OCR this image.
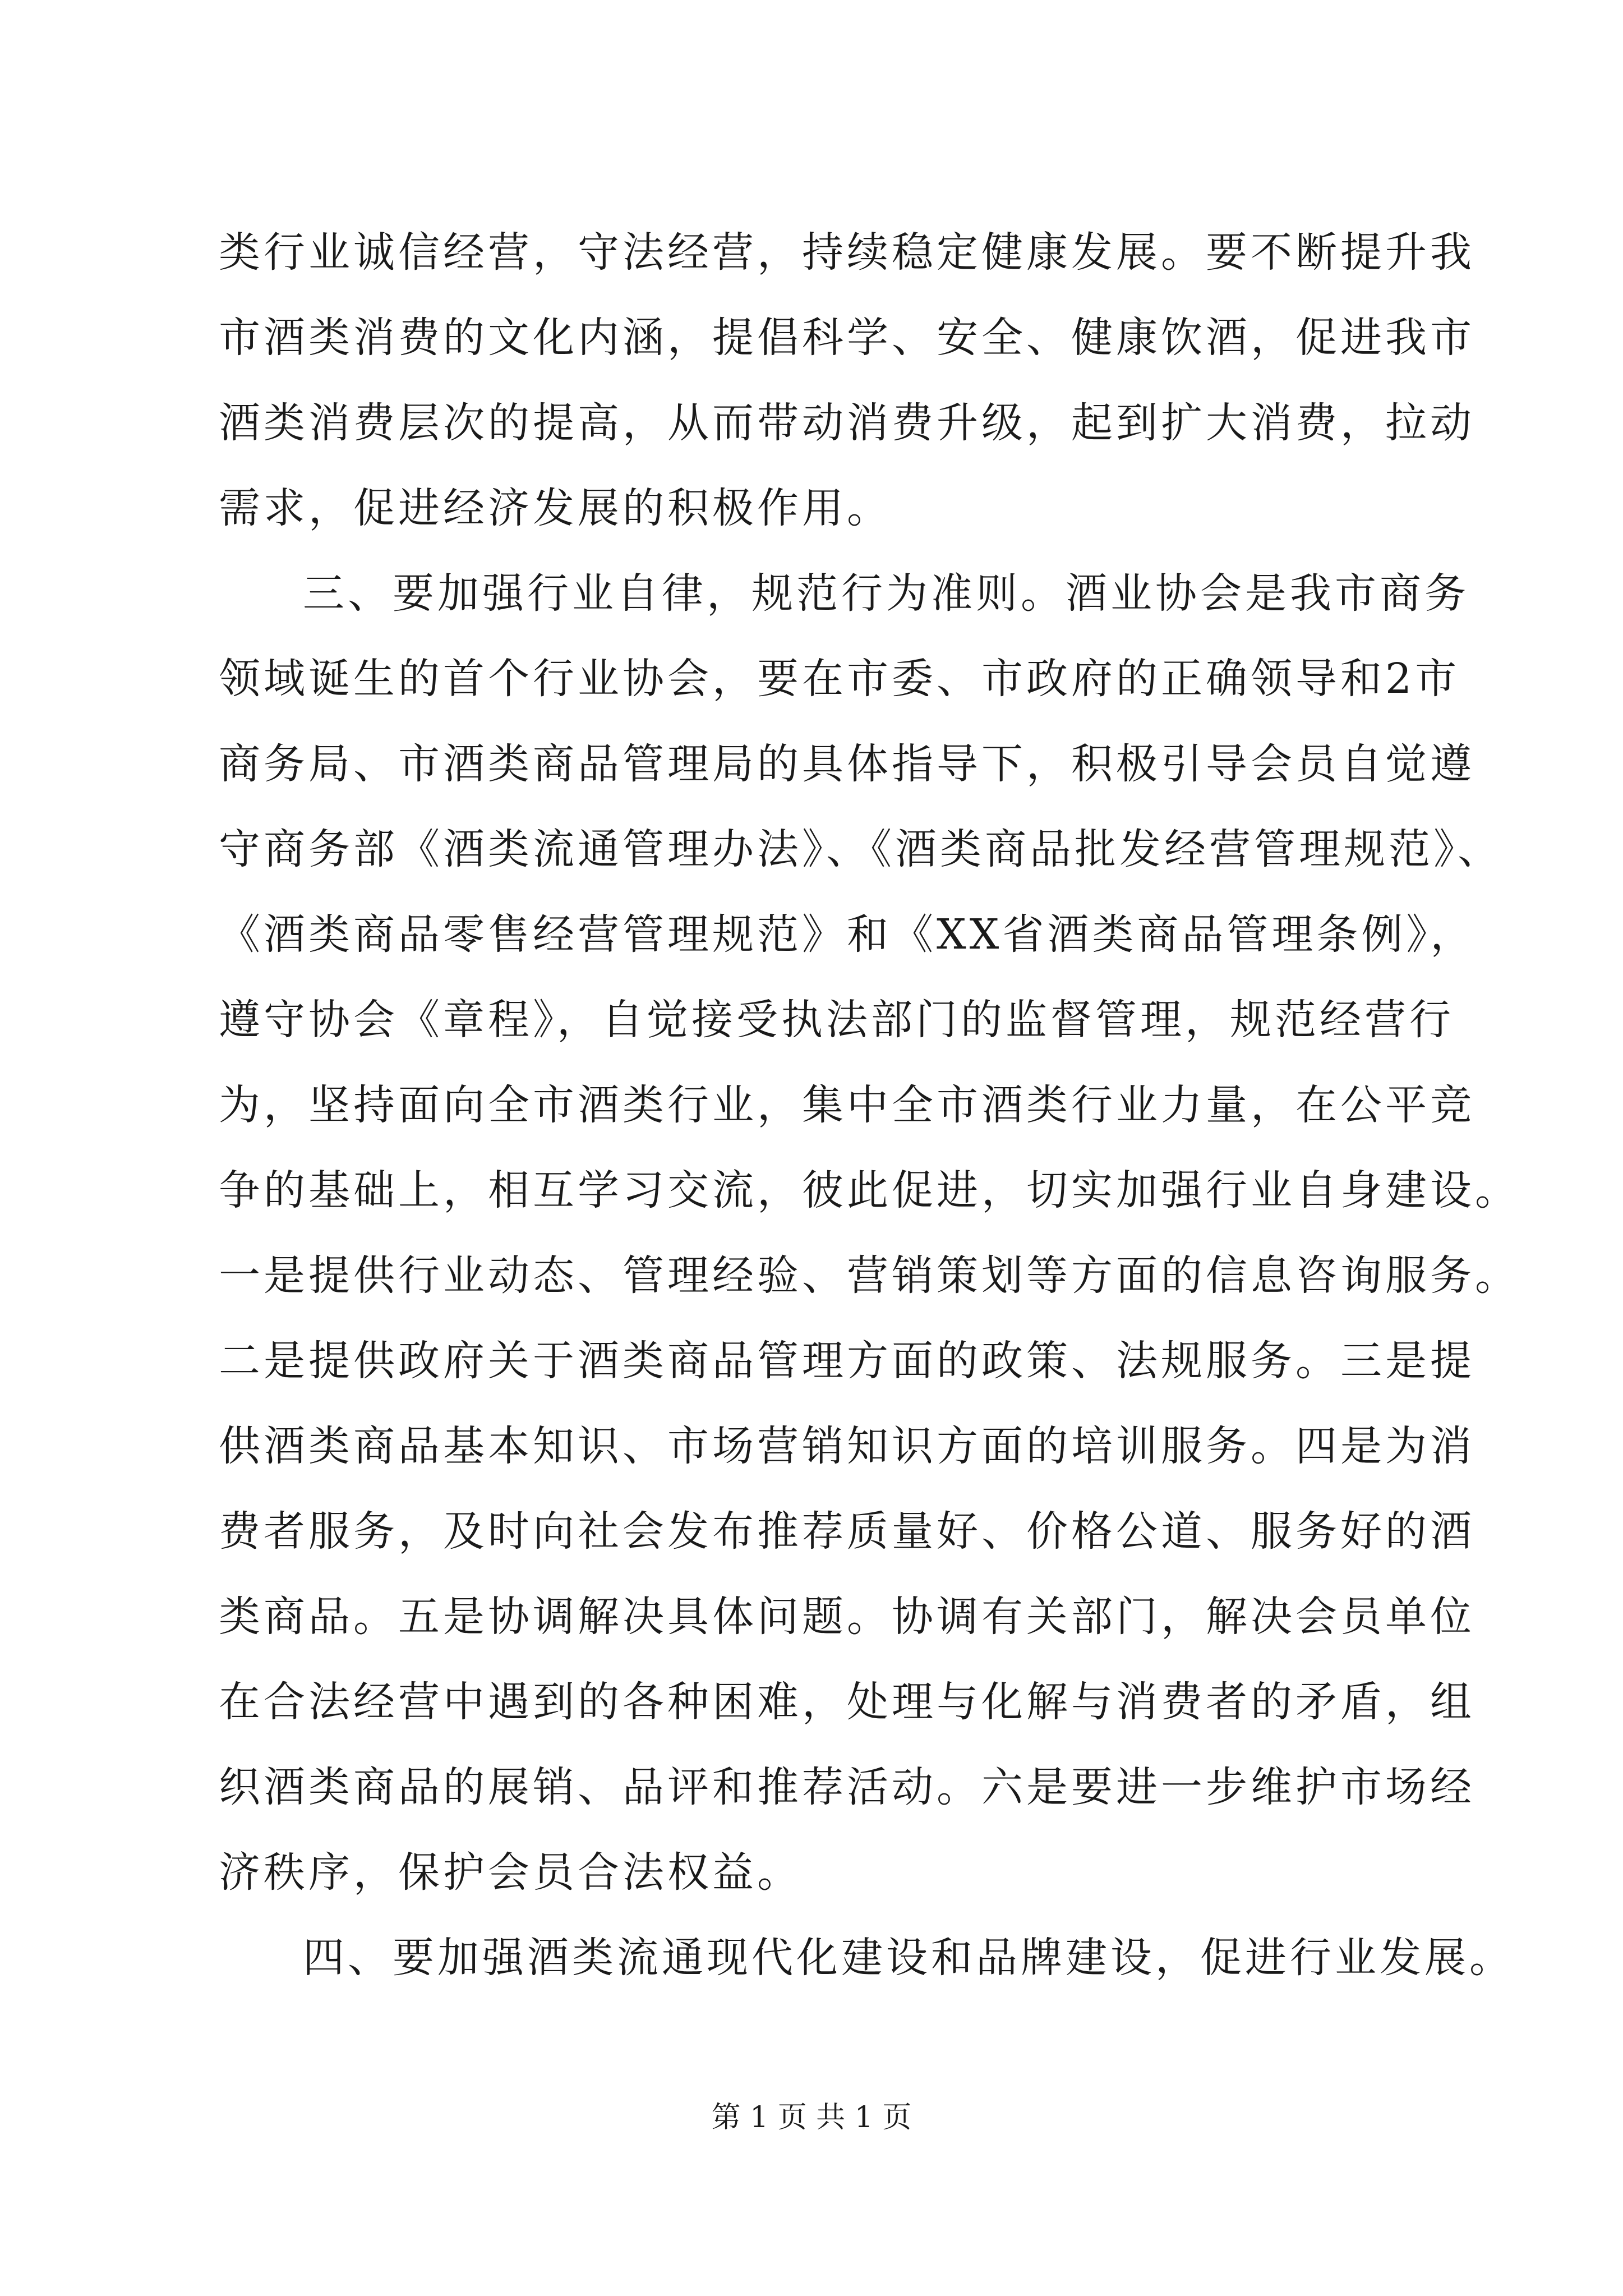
类行业诚信经营，守法经营，持续稳定健康发展。要不断提升我
市酒类消费的文化内涵，提倡科学、安全、健康饮酒，促进我市
酒类消费层次的提高，从而带动消费升级，起到扩大消费，拉动
需求，促进经济发展的积极作用。
三、要加强行业自律，规范行为准则。酒业协会是我市商务
领域诞生的首个行业协会，要在市委、市政府的正确领导和2市
商务局、市酒类商品管理局的具体指导下，积极引导会员自觉遵
守商务部《酒类流通管理办法》、《酒类商品批发经营管理规范》、
《酒类商品零售经营管理规范》和《XX省酒类商品管理条例》，
遵守协会《章程》，自觉接受执法部门的监督管理，规范经营行
为，坚持面向全市酒类行业，集中全市酒类行业力量，在公平竞
争的基础上，相互学习交流，彼此促进，切实加强行业自身建设。
一是提供行业动态、管理经验、营销策划等方面的信息咨询服务。
二是提供政府关于酒类商品管理方面的政策、法规服务。三是提
供酒类商品基本知识、市场营销知识方面的培训服务。四是为消
费者服务，及时向社会发布推荐质量好、价格公道、服务好的酒
类商品。五是协调解决具体问题。协调有关部门，解决会员单位
在合法经营中遇到的各种困难，处理与化解与消费者的矛盾，组
织酒类商品的展销、品评和推荐活动。六是要进一步维护市场经
济秩序，保护会员合法权益。
四、要加强酒类流通现代化建设和品牌建设，促进行业发展。
第 1 页 共 1 页
